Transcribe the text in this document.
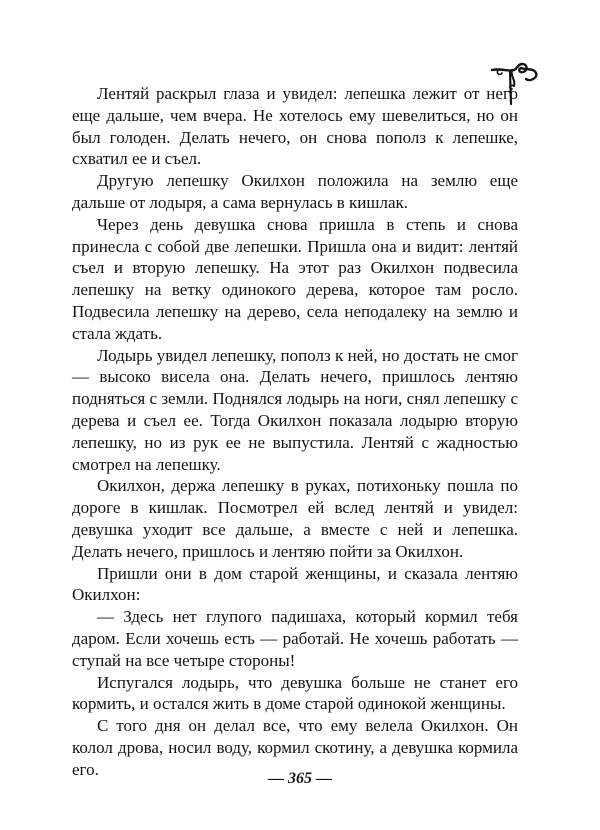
Лентяй раскрыл глаза и увидел: лепешка лежит от него еще дальше, чем вчера. Не хотелось ему шевелиться, но он был голоден. Делать нечего, он снова пополз к лепешке, схватил ее и съел.

Другую лепешку Окилхон положила на землю еще дальше от лодыря, а сама вернулась в кишлак.

Через день девушка снова пришла в степь и снова принесла с собой две лепешки. Пришла она и видит: лентяй съел и вторую лепешку. На этот раз Окилхон подвесила лепешку на ветку одинокого дерева, которое там росло. Подвесила лепешку на дерево, села неподалеку на землю и стала ждать.

Лодырь увидел лепешку, пополз к ней, но достать не смог — высоко висела она. Делать нечего, пришлось лентяю подняться с земли. Поднялся лодырь на ноги, снял лепешку с дерева и съел ее. Тогда Окилхон показала лодырю вторую лепешку, но из рук ее не выпустила. Лентяй с жадностью смотрел на лепешку.

Окилхон, держа лепешку в руках, потихоньку пошла по дороге в кишлак. Посмотрел ей вслед лентяй и увидел: девушка уходит все дальше, а вместе с ней и лепешка. Делать нечего, пришлось и лентяю пойти за Окилхон.

Пришли они в дом старой женщины, и сказала лентяю Окилхон:

— Здесь нет глупого падишаха, который кормил тебя даром. Если хочешь есть — работай. Не хочешь работать — ступай на все четыре стороны!

Испугался лодырь, что девушка больше не станет его кормить, и остался жить в доме старой одинокой женщины.

С того дня он делал все, что ему велела Окилхон. Он колол дрова, носил воду, кормил скотину, а девушка кормила его.	— 365 —
